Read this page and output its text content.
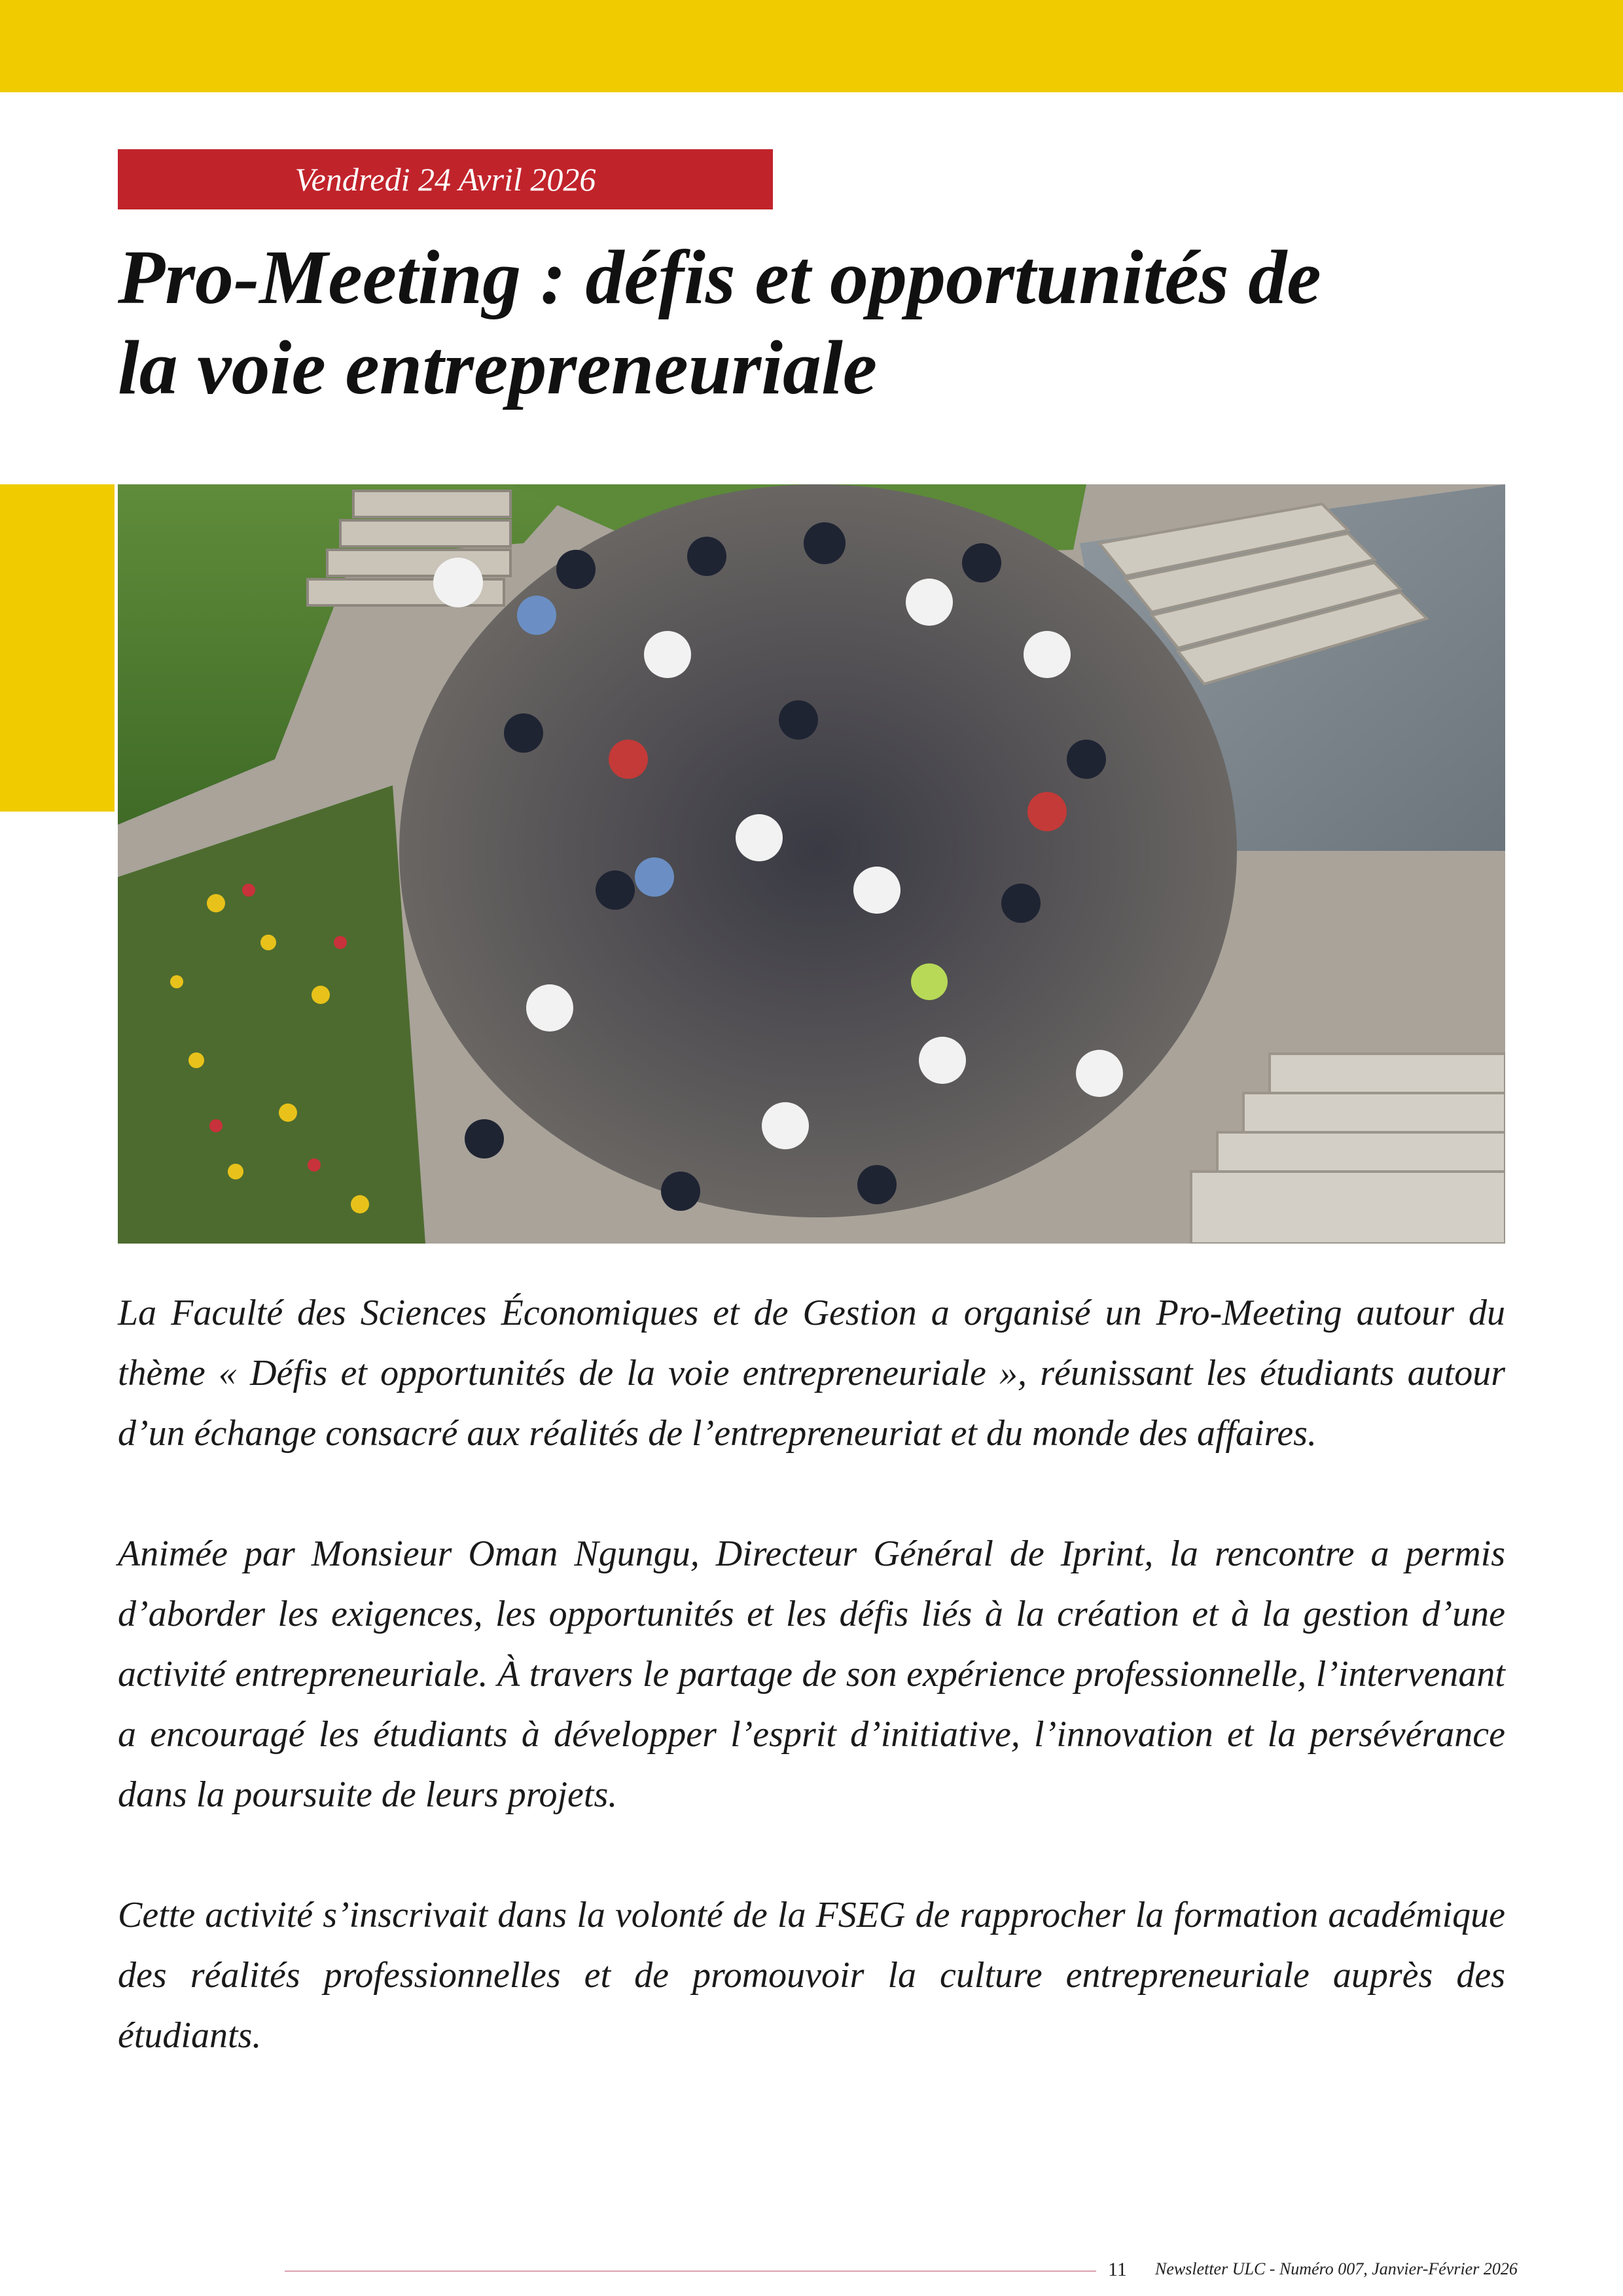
Vendredi 24 Avril 2026
Pro-Meeting : défis et opportunités de
la voie entrepreneuriale

La Faculté des Sciences Économiques et de Gestion a organisé un Pro-Meeting autour du thème « Défis et opportunités de la voie entrepreneuriale », réunissant les étudiants autour d’un échange consacré aux réalités de l’entrepreneuriat et du monde des affaires.

Animée par Monsieur Oman Ngungu, Directeur Général de Iprint, la rencontre a permis d’aborder les exigences, les opportunités et les défis liés à la création et à la gestion d’une activité entrepreneuriale. À travers le partage de son expérience professionnelle, l’intervenant a encouragé les étudiants à développer l’esprit d’initiative, l’innovation et la persévérance dans la poursuite de leurs projets.

Cette activité s’inscrivait dans la volonté de la FSEG de rapprocher la formation académique des réalités professionnelles et de promouvoir la culture entrepreneuriale auprès des étudiants.

11 Newsletter ULC - Numéro 007, Janvier-Février 2026
